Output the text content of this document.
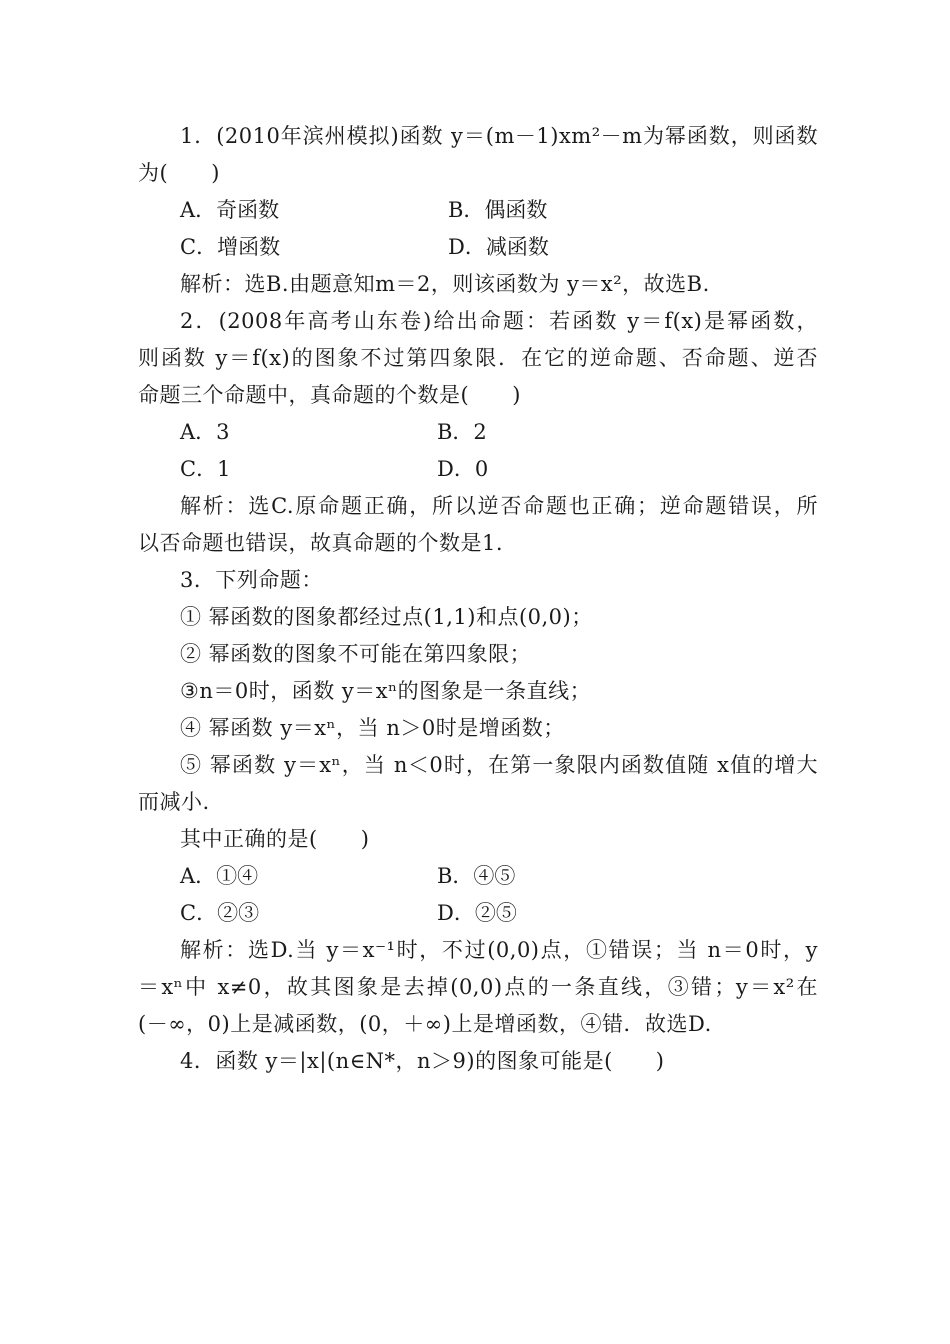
1．(2010年滨州模拟)函数 y＝(m－1)xm²－m为幂函数，则函数
为(　　)
A．奇函数	B．偶函数
C．增函数	D．减函数
解析：选B.由题意知m＝2，则该函数为 y＝x²，故选B.
2．(2008年高考山东卷)给出命题：若函数 y＝f(x)是幂函数，
则函数 y＝f(x)的图象不过第四象限．在它的逆命题、否命题、逆否
命题三个命题中，真命题的个数是(　　)
A．3	B．2
C．1	D．0
解析：选C.原命题正确，所以逆否命题也正确；逆命题错误，所
以否命题也错误，故真命题的个数是1.
3．下列命题：
① 幂函数的图象都经过点(1,1)和点(0,0)；
② 幂函数的图象不可能在第四象限；
③n＝0时，函数 y＝xⁿ的图象是一条直线；
④ 幂函数 y＝xⁿ，当 n＞0时是增函数；
⑤ 幂函数 y＝xⁿ，当 n＜0时，在第一象限内函数值随 x值的增大
而减小.
其中正确的是(　　)
A．①④	B．④⑤
C．②③	D．②⑤
解析：选D.当 y＝x⁻¹时，不过(0,0)点，①错误；当 n＝0时，y
＝xⁿ中 x≠0，故其图象是去掉(0,0)点的一条直线，③错；y＝x²在
(－∞，0)上是减函数，(0，＋∞)上是增函数，④错．故选D.
4．函数 y＝|x|(n∈N*，n＞9)的图象可能是(　　)
